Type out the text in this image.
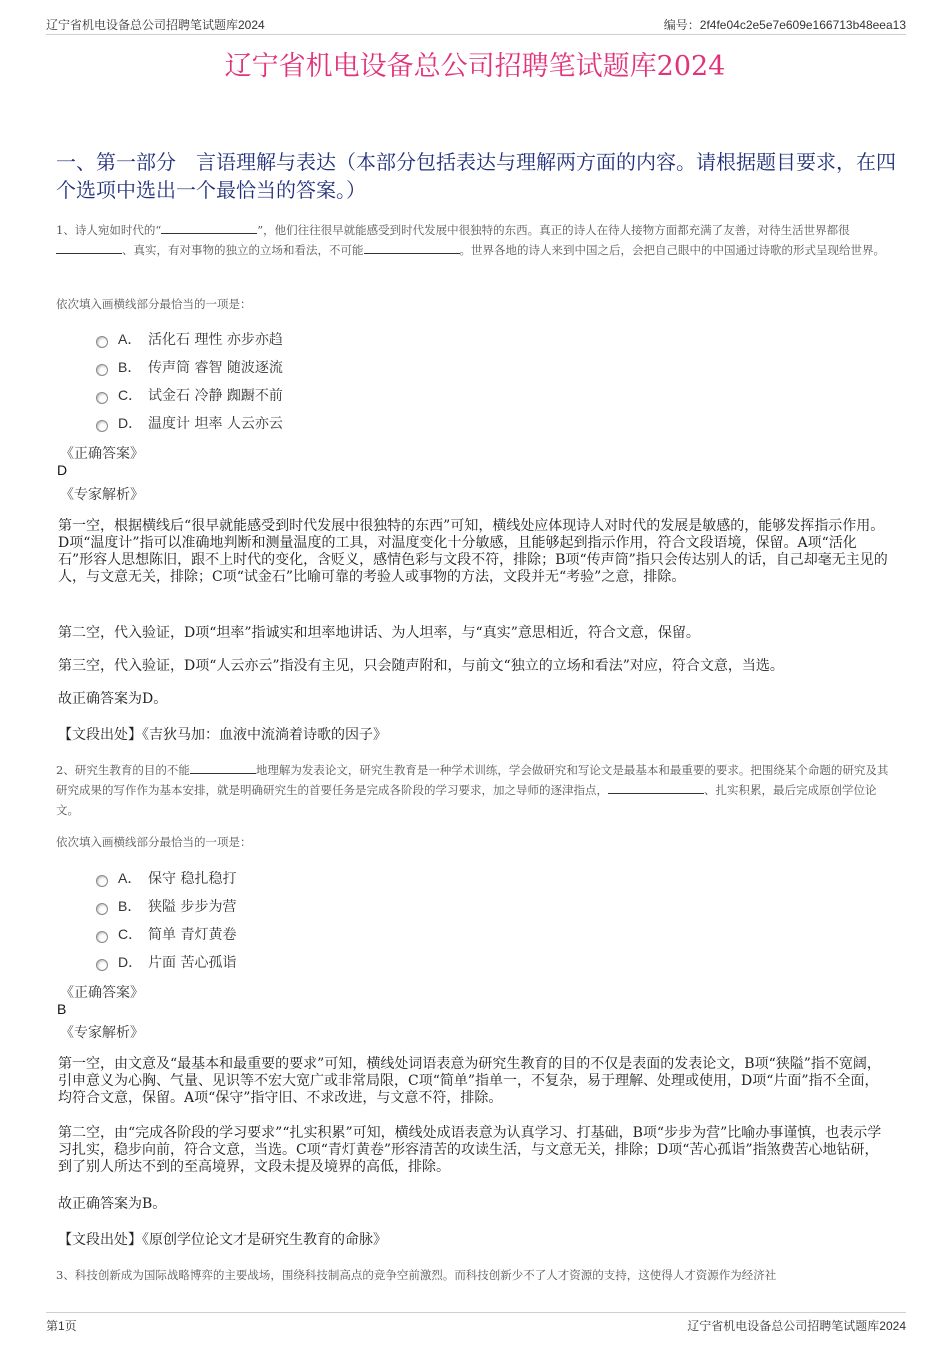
辽宁省机电设备总公司招聘笔试题库2024	编号：2f4fe04c2e5e7e609e166713b48eea13
辽宁省机电设备总公司招聘笔试题库2024
一、第一部分　言语理解与表达（本部分包括表达与理解两方面的内容。请根据题目要求，在四个选项中选出一个最恰当的答案。）
1、诗人宛如时代的“	”，他们往往很早就能感受到时代发展中很独特的东西。真正的诗人在待人接物方面都充满了友善，对待生活世界都很、真实，有对事物的独立的立场和看法，不可能	。世界各地的诗人来到中国之后，会把自己眼中的中国通过诗歌的形式呈现给世界。
依次填入画横线部分最恰当的一项是：
A． 活化石 理性 亦步亦趋
B． 传声筒 睿智 随波逐流
C． 试金石 冷静 踟蹰不前
D． 温度计 坦率 人云亦云
《正确答案》
D
《专家解析》
第一空，根据横线后“很早就能感受到时代发展中很独特的东西”可知，横线处应体现诗人对时代的发展是敏感的，能够发挥指示作用。D项“温度计”指可以准确地判断和测量温度的工具，对温度变化十分敏感，且能够起到指示作用，符合文段语境，保留。A项“活化石”形容人思想陈旧，跟不上时代的变化，含贬义，感情色彩与文段不符，排除；B项“传声筒”指只会传达别人的话，自己却毫无主见的人，与文意无关，排除；C项“试金石”比喻可靠的考验人或事物的方法，文段并无“考验”之意，排除。
第二空，代入验证，D项“坦率”指诚实和坦率地讲话、为人坦率，与“真实”意思相近，符合文意，保留。
第三空，代入验证，D项“人云亦云”指没有主见，只会随声附和，与前文“独立的立场和看法”对应，符合文意，当选。
故正确答案为D。
【文段出处】《吉狄马加：血液中流淌着诗歌的因子》
2、研究生教育的目的不能	地理解为发表论文，研究生教育是一种学术训练，学会做研究和写论文是最基本和最重要的要求。把围绕某个命题的研究及其研究成果的写作作为基本安排，就是明确研究生的首要任务是完成各阶段的学习要求，加之导师的逐津指点，	、扎实积累，最后完成原创学位论文。
依次填入画横线部分最恰当的一项是：
A． 保守 稳扎稳打
B． 狭隘 步步为营
C． 简单 青灯黄卷
D． 片面 苦心孤诣
《正确答案》
B
《专家解析》
第一空，由文意及“最基本和最重要的要求”可知，横线处词语表意为研究生教育的目的不仅是表面的发表论文，B项“狭隘”指不宽阔，引申意义为心胸、气量、见识等不宏大宽广或非常局限，C项“简单”指单一，不复杂，易于理解、处理或使用，D项“片面”指不全面，均符合文意，保留。A项“保守”指守旧、不求改进，与文意不符，排除。
第二空，由“完成各阶段的学习要求”“扎实积累”可知，横线处成语表意为认真学习、打基础，B项“步步为营”比喻办事谨慎，也表示学习扎实，稳步向前，符合文意，当选。C项“青灯黄卷”形容清苦的攻读生活，与文意无关，排除；D项“苦心孤诣”指煞费苦心地钻研，到了别人所达不到的至高境界，文段未提及境界的高低，排除。
故正确答案为B。
【文段出处】《原创学位论文才是研究生教育的命脉》
3、科技创新成为国际战略博弈的主要战场，围绕科技制高点的竞争空前激烈。而科技创新少不了人才资源的支持，这使得人才资源作为经济社
第1页	辽宁省机电设备总公司招聘笔试题库2024
